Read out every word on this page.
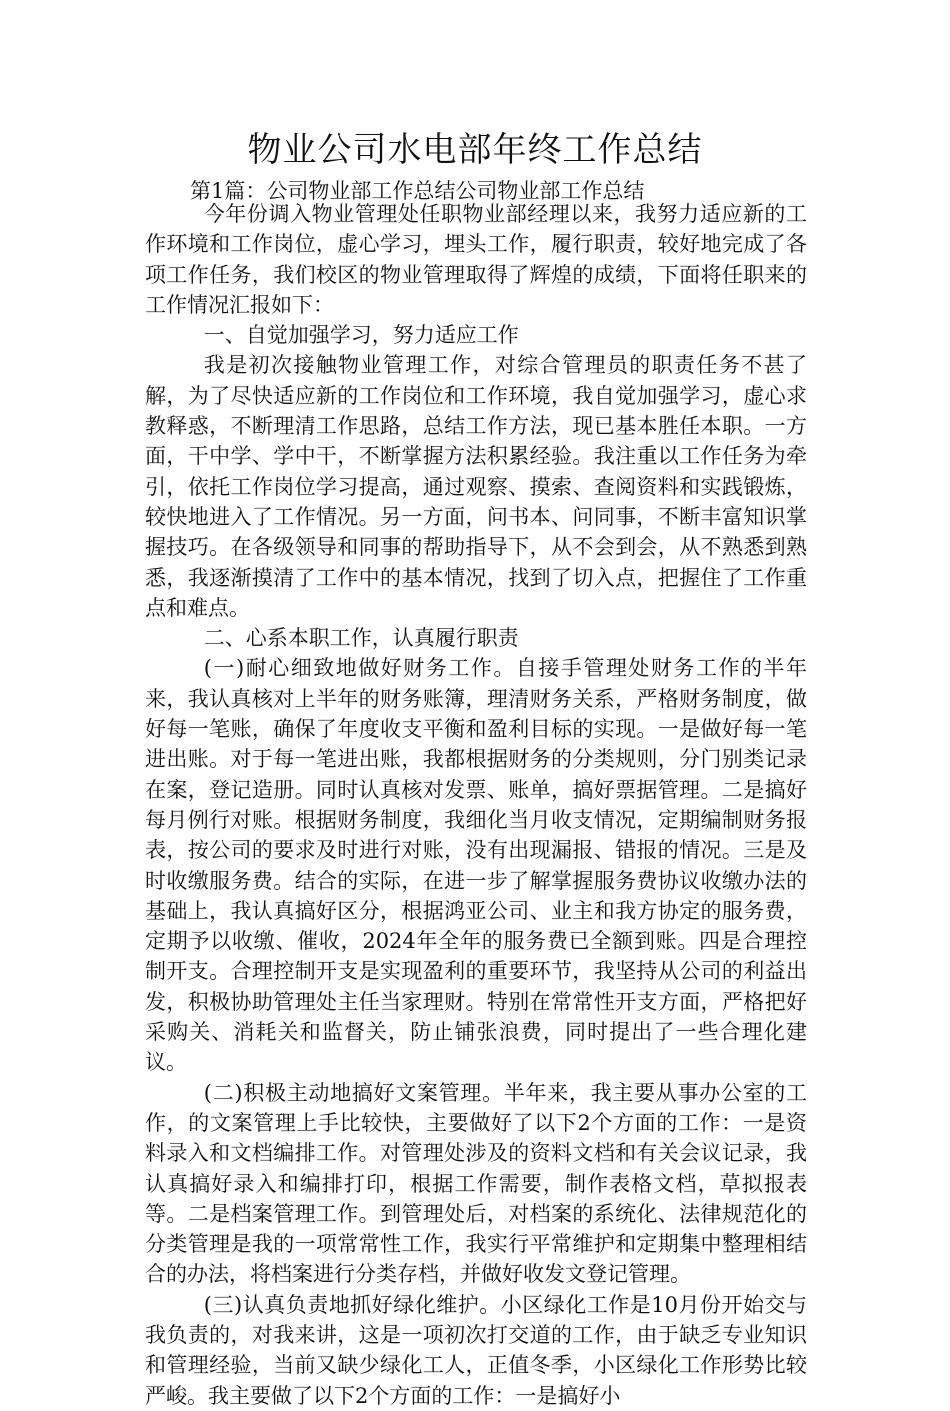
物业公司水电部年终工作总结
第1篇：公司物业部工作总结公司物业部工作总结

今年份调入物业管理处任职物业部经理以来，我努力适应新的工作环境和工作岗位，虚心学习，埋头工作，履行职责，较好地完成了各项工作任务，我们校区的物业管理取得了辉煌的成绩，下面将任职来的工作情况汇报如下：

一、自觉加强学习，努力适应工作

我是初次接触物业管理工作，对综合管理员的职责任务不甚了解，为了尽快适应新的工作岗位和工作环境，我自觉加强学习，虚心求教释惑，不断理清工作思路，总结工作方法，现已基本胜任本职。一方面，干中学、学中干，不断掌握方法积累经验。我注重以工作任务为牵引，依托工作岗位学习提高，通过观察、摸索、查阅资料和实践锻炼，较快地进入了工作情况。另一方面，问书本、问同事，不断丰富知识掌握技巧。在各级领导和同事的帮助指导下，从不会到会，从不熟悉到熟悉，我逐渐摸清了工作中的基本情况，找到了切入点，把握住了工作重点和难点。

二、心系本职工作，认真履行职责

(一)耐心细致地做好财务工作。自接手管理处财务工作的半年来，我认真核对上半年的财务账簿，理清财务关系，严格财务制度，做好每一笔账，确保了年度收支平衡和盈利目标的实现。一是做好每一笔进出账。对于每一笔进出账，我都根据财务的分类规则，分门别类记录在案，登记造册。同时认真核对发票、账单，搞好票据管理。二是搞好每月例行对账。根据财务制度，我细化当月收支情况，定期编制财务报表，按公司的要求及时进行对账，没有出现漏报、错报的情况。三是及时收缴服务费。结合的实际，在进一步了解掌握服务费协议收缴办法的基础上，我认真搞好区分，根据鸿亚公司、业主和我方协定的服务费，定期予以收缴、催收，2024年全年的服务费已全额到账。四是合理控制开支。合理控制开支是实现盈利的重要环节，我坚持从公司的利益出发，积极协助管理处主任当家理财。特别在常常性开支方面，严格把好采购关、消耗关和监督关，防止铺张浪费，同时提出了一些合理化建议。

(二)积极主动地搞好文案管理。半年来，我主要从事办公室的工作，的文案管理上手比较快，主要做好了以下2个方面的工作：一是资料录入和文档编排工作。对管理处涉及的资料文档和有关会议记录，我认真搞好录入和编排打印，根据工作需要，制作表格文档，草拟报表等。二是档案管理工作。到管理处后，对档案的系统化、法律规范化的分类管理是我的一项常常性工作，我实行平常维护和定期集中整理相结合的办法，将档案进行分类存档，并做好收发文登记管理。

(三)认真负责地抓好绿化维护。小区绿化工作是10月份开始交与我负责的，对我来讲，这是一项初次打交道的工作，由于缺乏专业知识和管理经验，当前又缺少绿化工人，正值冬季，小区绿化工作形势比较严峻。我主要做了以下2个方面的工作：一是搞好小
